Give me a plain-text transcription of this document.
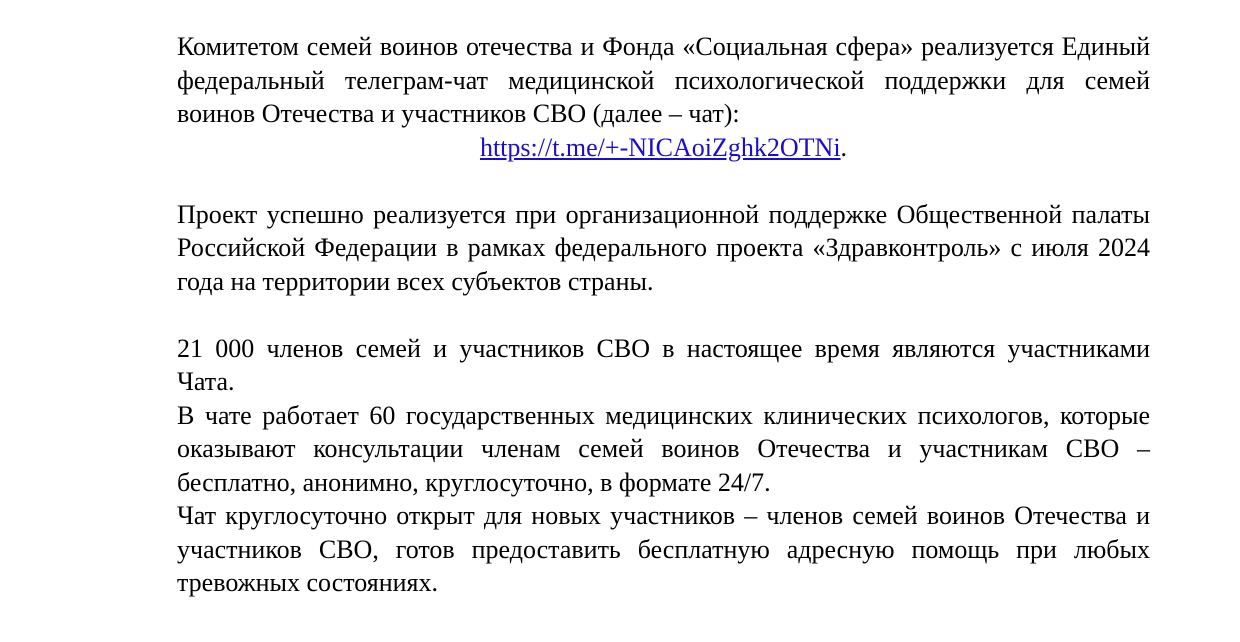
Комитетом семей воинов отечества и Фонда «Социальная сфера» реализуется Единый федеральный телеграм-чат медицинской психологической поддержки для семей воинов Отечества и участников СВО (далее – чат):

https://t.me/+-NICAoiZghk2OTNi.

Проект успешно реализуется при организационной поддержке Общественной палаты Российской Федерации в рамках федерального проекта «Здравконтроль» с июля 2024 года на территории всех субъектов страны.

21 000 членов семей и участников СВО в настоящее время являются участниками Чата.

В чате работает 60 государственных медицинских клинических психологов, которые оказывают консультации членам семей воинов Отечества и участникам СВО – бесплатно, анонимно, круглосуточно, в формате 24/7.

Чат круглосуточно открыт для новых участников – членов семей воинов Отечества и участников СВО, готов предоставить бесплатную адресную помощь при любых тревожных состояниях.
